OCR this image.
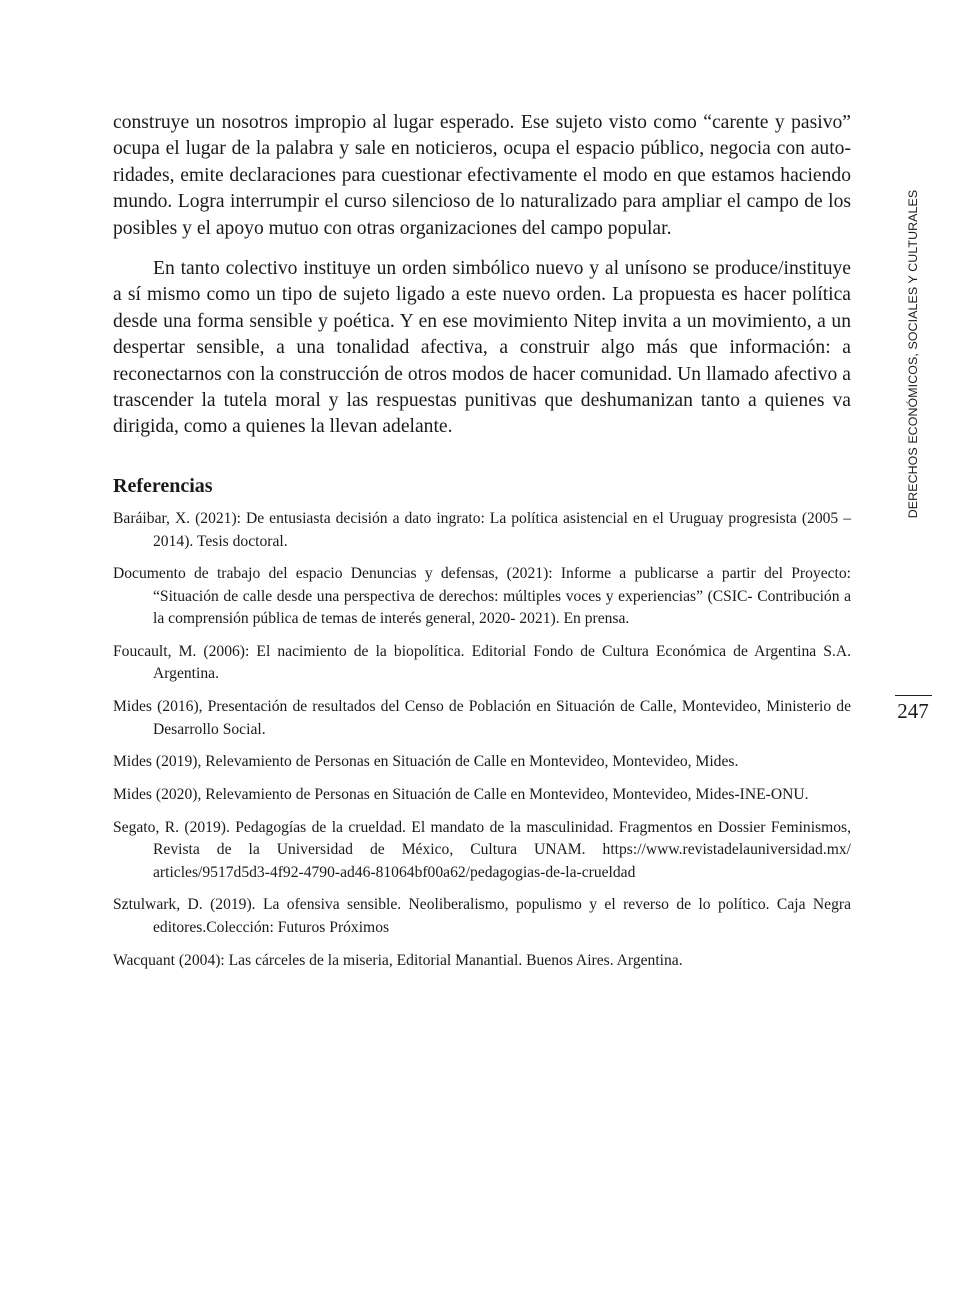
construye un nosotros impropio al lugar esperado. Ese sujeto visto como “carente y pasivo” ocupa el lugar de la palabra y sale en noticieros, ocupa el espacio público, negocia con autoridades, emite declaraciones para cuestionar efectivamente el modo en que estamos haciendo mundo. Logra interrumpir el curso silencioso de lo naturalizado para ampliar el campo de los posibles y el apoyo mutuo con otras organizaciones del campo popular.

En tanto colectivo instituye un orden simbólico nuevo y al unísono se produce/instituye a sí mismo como un tipo de sujeto ligado a este nuevo orden. La propuesta es hacer política desde una forma sensible y poética. Y en ese movimiento Nitep invita a un movimiento, a un despertar sensible, a una tonalidad afectiva, a construir algo más que información: a reconectarnos con la construcción de otros modos de hacer comunidad. Un llamado afectivo a trascender la tutela moral y las respuestas punitivas que deshumanizan tanto a quienes va dirigida, como a quienes la llevan adelante.

Referencias
Baráibar, X. (2021): De entusiasta decisión a dato ingrato: La política asistencial en el Uruguay progresista (2005 – 2014). Tesis doctoral.
Documento de trabajo del espacio Denuncias y defensas, (2021): Informe a publicarse a partir del Proyecto: “Situación de calle desde una perspectiva de derechos: múltiples voces y experiencias” (CSIC- Contribución a la comprensión pública de temas de interés general, 2020- 2021). En prensa.
Foucault, M. (2006): El nacimiento de la biopolítica. Editorial Fondo de Cultura Económica de Argentina S.A. Argentina.
Mides (2016), Presentación de resultados del Censo de Población en Situación de Calle, Montevideo, Ministerio de Desarrollo Social.
Mides (2019), Relevamiento de Personas en Situación de Calle en Montevideo, Montevideo, Mides.
Mides (2020), Relevamiento de Personas en Situación de Calle en Montevideo, Montevideo, Mides-INE-ONU.
Segato, R. (2019). Pedagogías de la crueldad. El mandato de la masculinidad. Fragmentos en Dossier Feminismos, Revista de la Universidad de México, Cultura UNAM. https://www.revistadelauniversidad.mx/ articles/9517d5d3-4f92-4790-ad46-81064bf00a62/pedagogias-de-la-crueldad
Sztulwark, D. (2019). La ofensiva sensible. Neoliberalismo, populismo y el reverso de lo político. Caja Negra editores.Colección: Futuros Próximos
Wacquant (2004): Las cárceles de la miseria, Editorial Manantial. Buenos Aires. Argentina.
DERECHOS ECONÓMICOS, SOCIALES Y CULTURALES
247
